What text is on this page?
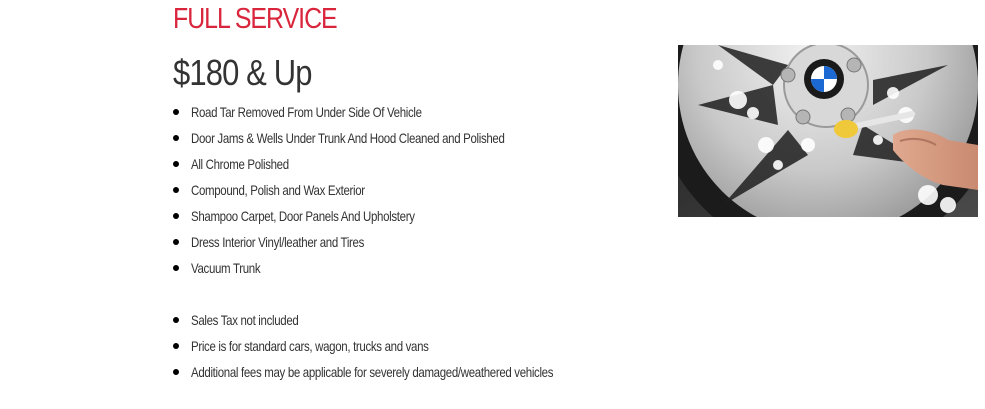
FULL SERVICE
$180 & Up
Road Tar Removed From Under Side Of Vehicle
Door Jams & Wells Under Trunk And Hood Cleaned and Polished
All Chrome Polished
Compound, Polish and Wax Exterior
Shampoo Carpet, Door Panels And Upholstery
Dress Interior Vinyl/leather and Tires
Vacuum Trunk
Sales Tax not included
Price is for standard cars, wagon, trucks and vans
Additional fees may be applicable for severely damaged/weathered vehicles
